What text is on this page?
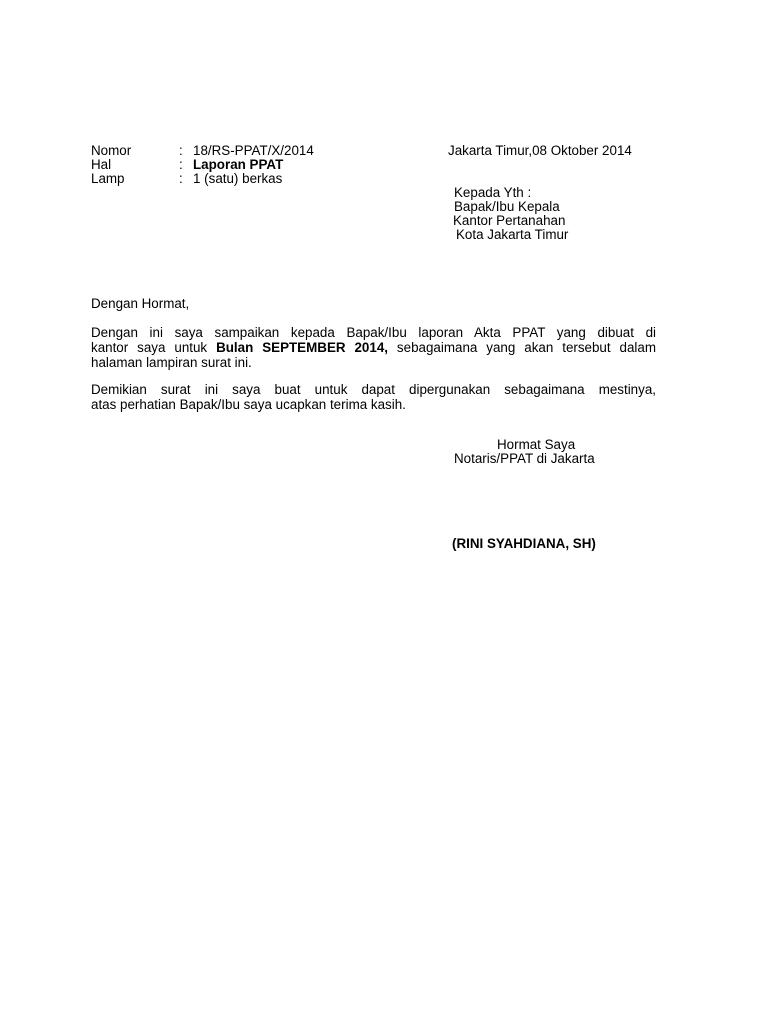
Nomor	: 18/RS-PPAT/X/2014
Hal	: Laporan PPAT
Lamp	: 1 (satu) berkas
Jakarta Timur,08 Oktober 2014
Kepada Yth :
Bapak/Ibu Kepala
Kantor Pertanahan
Kota Jakarta Timur
Dengan Hormat,
Dengan ini saya sampaikan kepada Bapak/Ibu laporan Akta PPAT yang dibuat di
kantor saya untuk Bulan SEPTEMBER 2014, sebagaimana yang akan tersebut dalam
halaman lampiran surat ini.
Demikian surat ini saya buat untuk dapat dipergunakan sebagaimana mestinya,
atas perhatian Bapak/Ibu saya ucapkan terima kasih.
Hormat Saya
Notaris/PPAT di Jakarta
(RINI SYAHDIANA, SH)
